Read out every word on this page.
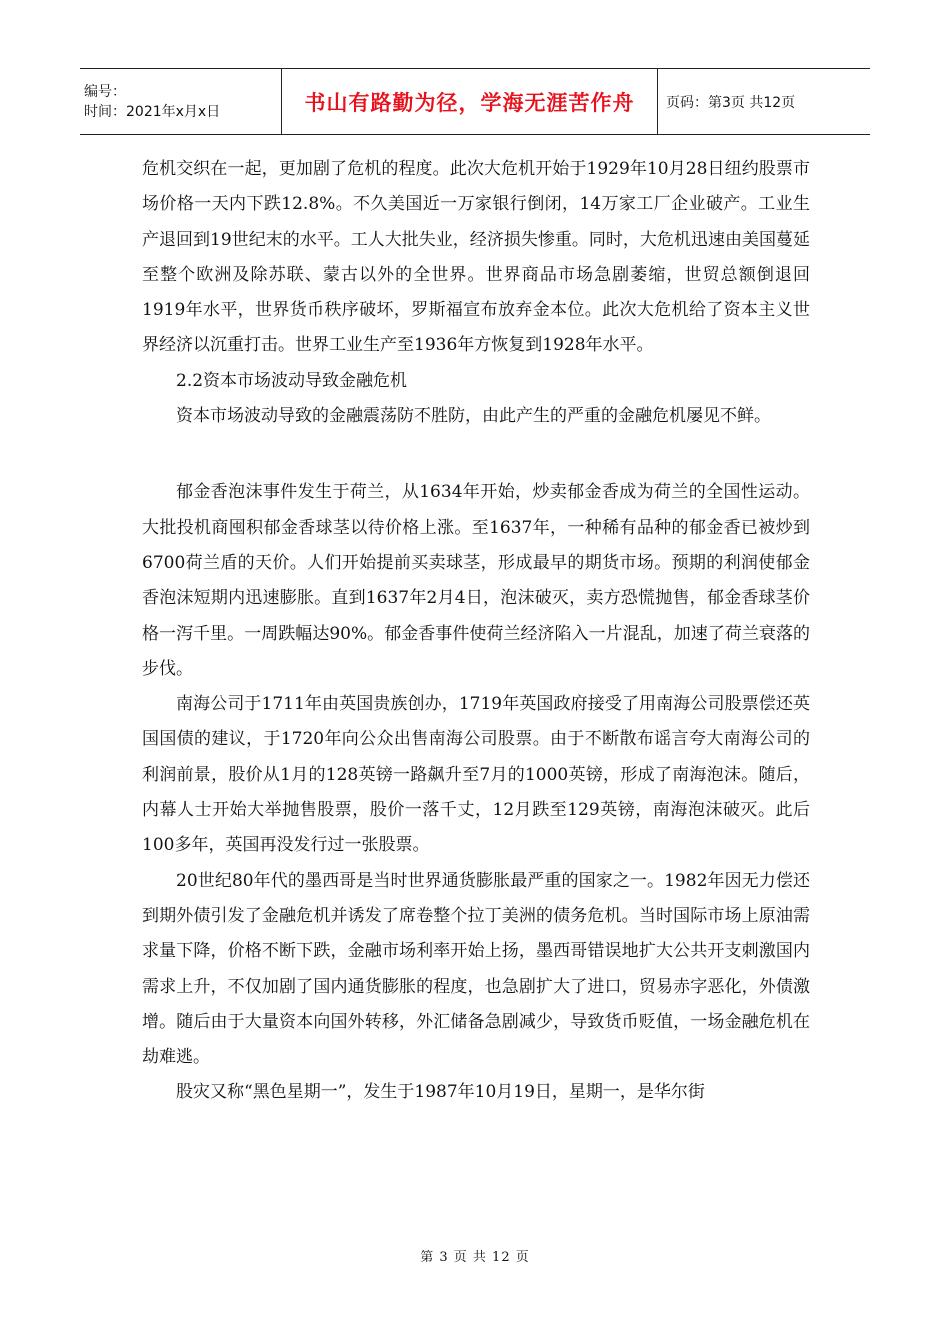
编号：
时间：2021年x月x日	书山有路勤为径，学海无涯苦作舟 页码：第3页 共12页

危机交织在一起，更加剧了危机的程度。此次大危机开始于1929年10月28日纽约股票市场价格一天内下跌12.8%。不久美国近一万家银行倒闭，14万家工厂企业破产。工业生产退回到19世纪末的水平。工人大批失业，经济损失惨重。同时，大危机迅速由美国蔓延至整个欧洲及除苏联、蒙古以外的全世界。世界商品市场急剧萎缩，世贸总额倒退回1919年水平，世界货币秩序破坏，罗斯福宣布放弃金本位。此次大危机给了资本主义世界经济以沉重打击。世界工业生产至1936年方恢复到1928年水平。

2.2资本市场波动导致金融危机

资本市场波动导致的金融震荡防不胜防，由此产生的严重的金融危机屡见不鲜。

郁金香泡沫事件发生于荷兰，从1634年开始，炒卖郁金香成为荷兰的全国性运动。大批投机商囤积郁金香球茎以待价格上涨。至1637年，一种稀有品种的郁金香已被炒到6700荷兰盾的天价。人们开始提前买卖球茎，形成最早的期货市场。预期的利润使郁金香泡沫短期内迅速膨胀。直到1637年2月4日，泡沫破灭，卖方恐慌抛售，郁金香球茎价格一泻千里。一周跌幅达90%。郁金香事件使荷兰经济陷入一片混乱，加速了荷兰衰落的步伐。

南海公司于1711年由英国贵族创办，1719年英国政府接受了用南海公司股票偿还英国国债的建议，于1720年向公众出售南海公司股票。由于不断散布谣言夸大南海公司的利润前景，股价从1月的128英镑一路飙升至7月的1000英镑，形成了南海泡沫。随后，内幕人士开始大举抛售股票，股价一落千丈，12月跌至129英镑，南海泡沫破灭。此后100多年，英国再没发行过一张股票。

20世纪80年代的墨西哥是当时世界通货膨胀最严重的国家之一。1982年因无力偿还到期外债引发了金融危机并诱发了席卷整个拉丁美洲的债务危机。当时国际市场上原油需求量下降，价格不断下跌，金融市场利率开始上扬，墨西哥错误地扩大公共开支刺激国内需求上升，不仅加剧了国内通货膨胀的程度，也急剧扩大了进口，贸易赤字恶化，外债激增。随后由于大量资本向国外转移，外汇储备急剧减少，导致货币贬值，一场金融危机在劫难逃。

股灾又称“黑色星期一”，发生于1987年10月19日，星期一，是华尔街

第 3 页 共 12 页
